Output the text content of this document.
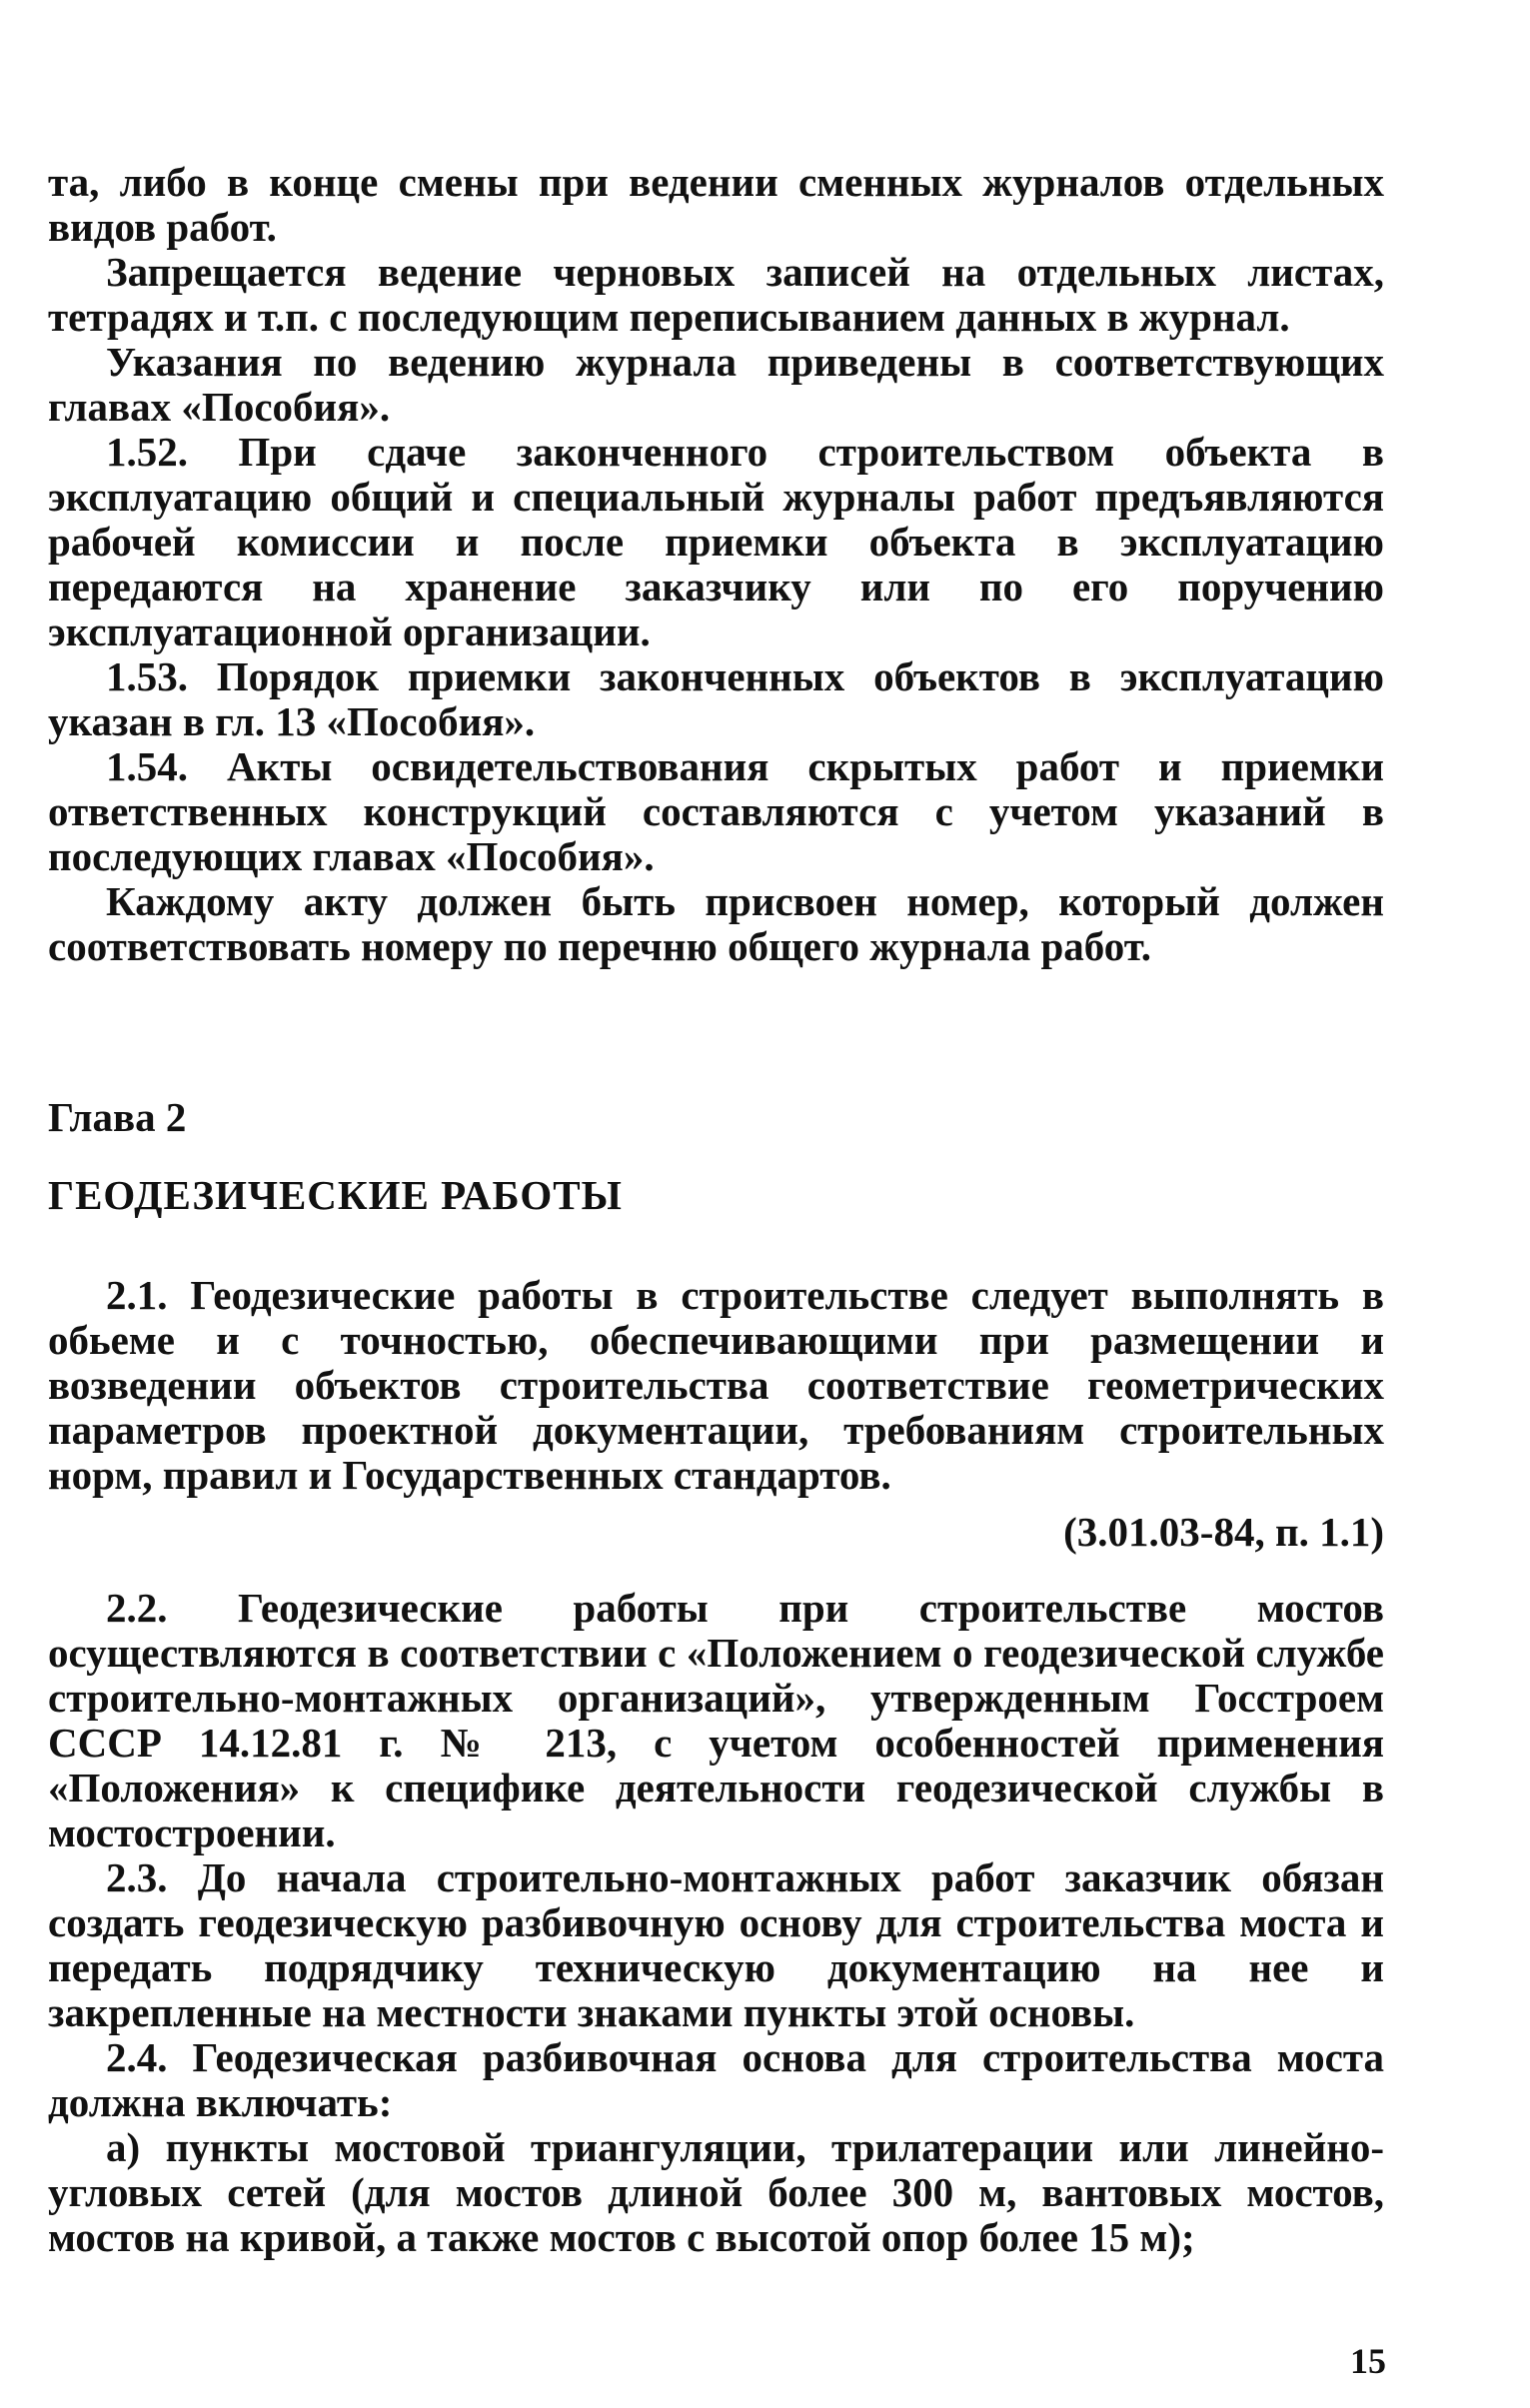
та, либо в конце смены при ведении сменных журналов отдельных видов работ.

Запрещается ведение черновых записей на отдельных листах, тетрадях и т.п. с последующим переписыванием данных в журнал.

Указания по ведению журнала приведены в соответствующих главах «Пособия».

1.52. При сдаче законченного строительством объекта в эксплуатацию общий и специальный журналы работ предъявляются рабочей комиссии и после приемки объекта в эксплуатацию передаются на хранение заказчику или по его поручению эксплуатационной организации.

1.53. Порядок приемки законченных объектов в эксплуатацию указан в гл. 13 «Пособия».

1.54. Акты освидетельствования скрытых работ и приемки ответственных конструкций составляются с учетом указаний в последующих главах «Пособия».

Каждому акту должен быть присвоен номер, который должен соответствовать номеру по перечню общего журнала работ.

Глава 2

ГЕОДЕЗИЧЕСКИЕ РАБОТЫ

2.1. Геодезические работы в строительстве следует выполнять в обьеме и с точностью, обеспечивающими при размещении и возведении объектов строительства соответствие геометрических параметров проектной документации, требованиям строительных норм, правил и Государственных стандартов.

(3.01.03-84, п. 1.1)

2.2. Геодезические работы при строительстве мостов осуществляются в соответствии с «Положением о геодезической службе строительно-монтажных организаций», утвержденным Госстроем СССР 14.12.81 г. № 213, с учетом особенностей применения «Положения» к специфике деятельности геодезической службы в мостостроении.

2.3. До начала строительно-монтажных работ заказчик обязан создать геодезическую разбивочную основу для строительства моста и передать подрядчику техническую документацию на нее и закрепленные на местности знаками пункты этой основы.

2.4. Геодезическая разбивочная основа для строительства моста должна включать:

а) пункты мостовой триангуляции, трилатерации или линейно-угловых сетей (для мостов длиной более 300 м, вантовых мостов, мостов на кривой, а также мостов с высотой опор более 15 м);

15
